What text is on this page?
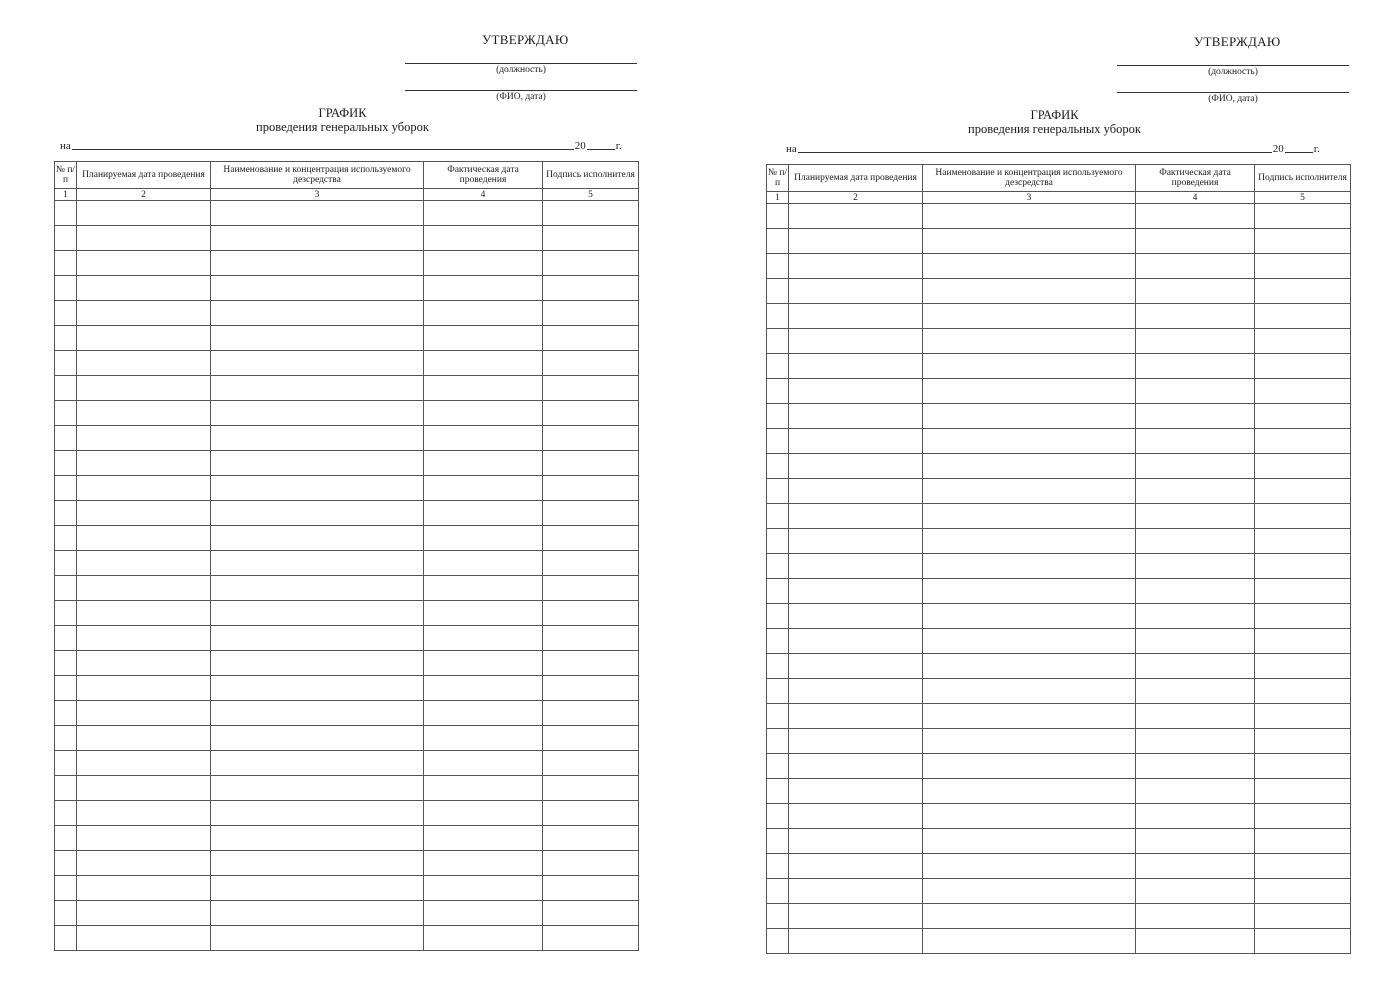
УТВЕРЖДАЮ
(должность)
(ФИО, дата)
ГРАФИК
проведения генеральных уборок
на	20	г.
№ п/п	Планируемая дата проведения	Наименование и концентрация используемого дезсредства	Фактическая дата проведения	Подпись исполнителя
1	2	3	4	5

УТВЕРЖДАЮ
(должность)
(ФИО, дата)
ГРАФИК
проведения генеральных уборок
на	20	г.
№ п/п	Планируемая дата проведения	Наименование и концентрация используемого дезсредства	Фактическая дата проведения	Подпись исполнителя
1	2	3	4	5
